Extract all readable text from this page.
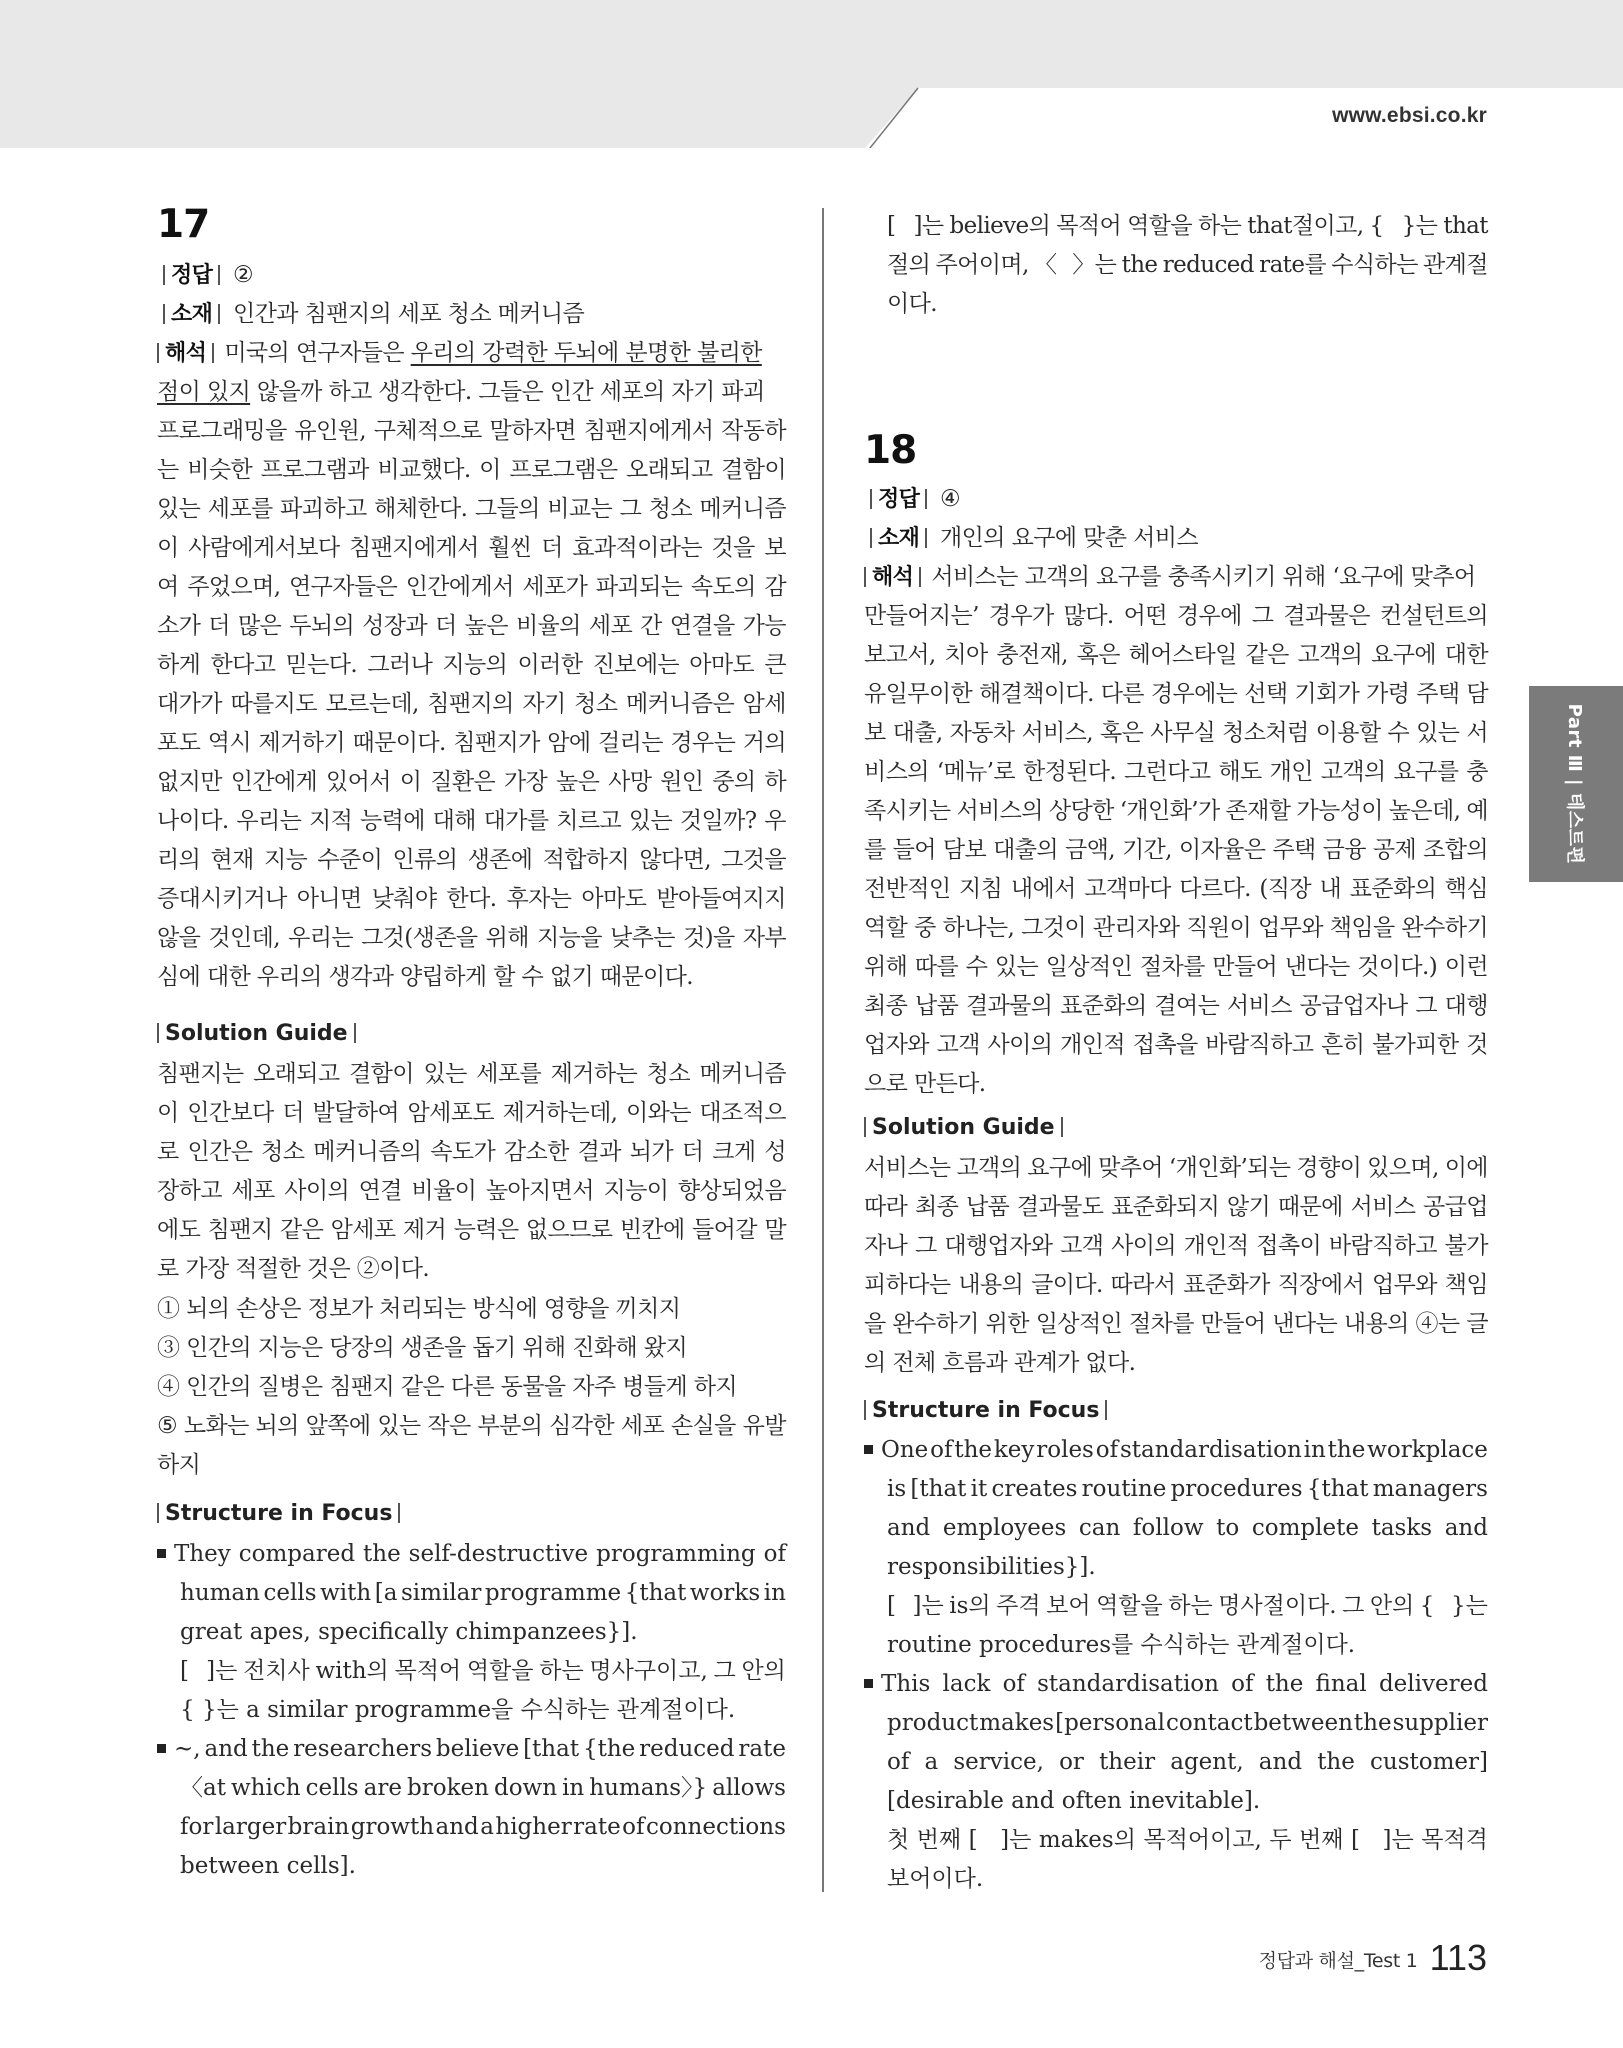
www.ebsi.co.kr
17
정답 ②
소재 인간과 침팬지의 세포 청소 메커니즘
해석 미국의 연구자들은 우리의 강력한 두뇌에 분명한 불리한
점이 있지 않을까 하고 생각한다. 그들은 인간 세포의 자기 파괴
프로그래밍을 유인원, 구체적으로 말하자면 침팬지에게서 작동하
는 비슷한 프로그램과 비교했다. 이 프로그램은 오래되고 결함이
있는 세포를 파괴하고 해체한다. 그들의 비교는 그 청소 메커니즘
이 사람에게서보다 침팬지에게서 훨씬 더 효과적이라는 것을 보
여 주었으며, 연구자들은 인간에게서 세포가 파괴되는 속도의 감
소가 더 많은 두뇌의 성장과 더 높은 비율의 세포 간 연결을 가능
하게 한다고 믿는다. 그러나 지능의 이러한 진보에는 아마도 큰
대가가 따를지도 모르는데, 침팬지의 자기 청소 메커니즘은 암세
포도 역시 제거하기 때문이다. 침팬지가 암에 걸리는 경우는 거의
없지만 인간에게 있어서 이 질환은 가장 높은 사망 원인 중의 하
나이다. 우리는 지적 능력에 대해 대가를 치르고 있는 것일까? 우
리의 현재 지능 수준이 인류의 생존에 적합하지 않다면, 그것을
증대시키거나 아니면 낮춰야 한다. 후자는 아마도 받아들여지지
않을 것인데, 우리는 그것(생존을 위해 지능을 낮추는 것)을 자부
심에 대한 우리의 생각과 양립하게 할 수 없기 때문이다.
Solution Guide
침팬지는 오래되고 결함이 있는 세포를 제거하는 청소 메커니즘
이 인간보다 더 발달하여 암세포도 제거하는데, 이와는 대조적으
로 인간은 청소 메커니즘의 속도가 감소한 결과 뇌가 더 크게 성
장하고 세포 사이의 연결 비율이 높아지면서 지능이 향상되었음
에도 침팬지 같은 암세포 제거 능력은 없으므로 빈칸에 들어갈 말
로 가장 적절한 것은 ②이다.
① 뇌의 손상은 정보가 처리되는 방식에 영향을 끼치지
③ 인간의 지능은 당장의 생존을 돕기 위해 진화해 왔지
④ 인간의 질병은 침팬지 같은 다른 동물을 자주 병들게 하지
⑤ 노화는 뇌의 앞쪽에 있는 작은 부분의 심각한 세포 손실을 유발
하지
Structure in Focus
They compared the self-destructive programming of
human cells with [a similar programme {that works in
great apes, specifically chimpanzees}].
[ ]는 전치사 with의 목적어 역할을 하는 명사구이고, 그 안의
{ }는 a similar programme을 수식하는 관계절이다.
~, and the researchers believe [that {the reduced rate
〈at which cells are broken down in humans〉} allows
for larger brain growth and a higher rate of connections
between cells].
[ ]는 believe의 목적어 역할을 하는 that절이고, { }는 that
절의 주어이며, 〈 〉는 the reduced rate를 수식하는 관계절
이다.
18
정답 ④
소재 개인의 요구에 맞춘 서비스
해석 서비스는 고객의 요구를 충족시키기 위해 ‘요구에 맞추어
만들어지는’ 경우가 많다. 어떤 경우에 그 결과물은 컨설턴트의
보고서, 치아 충전재, 혹은 헤어스타일 같은 고객의 요구에 대한
유일무이한 해결책이다. 다른 경우에는 선택 기회가 가령 주택 담
보 대출, 자동차 서비스, 혹은 사무실 청소처럼 이용할 수 있는 서
비스의 ‘메뉴’로 한정된다. 그런다고 해도 개인 고객의 요구를 충
족시키는 서비스의 상당한 ‘개인화’가 존재할 가능성이 높은데, 예
를 들어 담보 대출의 금액, 기간, 이자율은 주택 금융 공제 조합의
전반적인 지침 내에서 고객마다 다르다. (직장 내 표준화의 핵심
역할 중 하나는, 그것이 관리자와 직원이 업무와 책임을 완수하기
위해 따를 수 있는 일상적인 절차를 만들어 낸다는 것이다.) 이런
최종 납품 결과물의 표준화의 결여는 서비스 공급업자나 그 대행
업자와 고객 사이의 개인적 접촉을 바람직하고 흔히 불가피한 것
으로 만든다.
Solution Guide
서비스는 고객의 요구에 맞추어 ‘개인화’되는 경향이 있으며, 이에
따라 최종 납품 결과물도 표준화되지 않기 때문에 서비스 공급업
자나 그 대행업자와 고객 사이의 개인적 접촉이 바람직하고 불가
피하다는 내용의 글이다. 따라서 표준화가 직장에서 업무와 책임
을 완수하기 위한 일상적인 절차를 만들어 낸다는 내용의 ④는 글
의 전체 흐름과 관계가 없다.
Structure in Focus
One of the key roles of standardisation in the workplace
is [that it creates routine procedures {that managers
and employees can follow to complete tasks and
responsibilities}].
[ ]는 is의 주격 보어 역할을 하는 명사절이다. 그 안의 { }는
routine procedures를 수식하는 관계절이다.
This lack of standardisation of the final delivered
product makes [personal contact between the supplier
of a service, or their agent, and the customer]
[desirable and often inevitable].
첫 번째 [ ]는 makes의 목적어이고, 두 번째 [ ]는 목적격
보어이다.
Part Ⅲ | 테스트편
정답과 해설_Test 1 113
